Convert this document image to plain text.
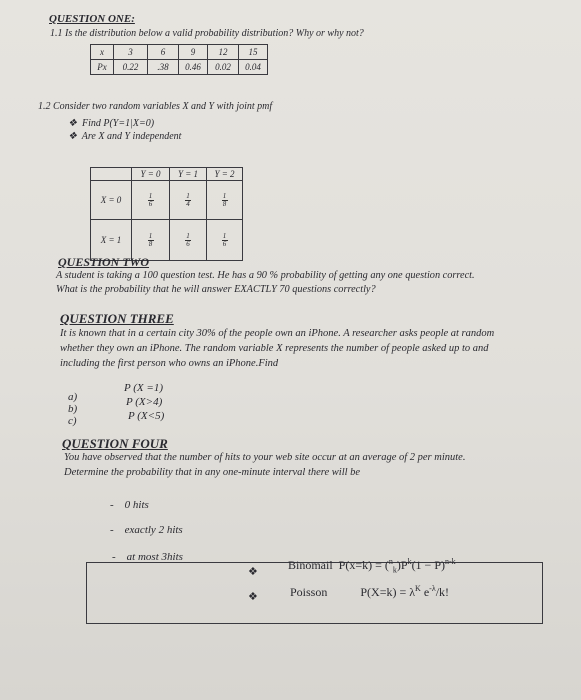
QUESTION ONE:
1.1 Is the distribution below a valid probability distribution? Why or why not?
x	3	6	9	12	15
Px	0.22	.38	0.46	0.02	0.04
1.2 Consider two random variables X and Y with joint pmf
❖ Find P(Y=1|X=0)
❖ Are X and Y independent
	Y = 0	Y = 1	Y = 2
X = 0	$\frac{1}{6}$	$\frac{1}{4}$	$\frac{1}{8}$

X = 1	$\frac{1}{8}$	$\frac{1}{6}$	$\frac{1}{6}$
QUESTION TWO
A student is taking a 100 question test. He has a 90 % probability of getting any one question correct.
What is the probability that he will answer EXACTLY 70 questions correctly?
QUESTION THREE
It is known that in a certain city 30% of the people own an iPhone. A researcher asks people at random
whether they own an iPhone. The random variable X represents the number of people asked up to and
including the first person who owns an iPhone.Find
a)
P (X =1)
b)
P (X>4)
c)	P (X<5)
QUESTION FOUR
You have observed that the number of hits to your web site occur at an average of 2 per minute.
Determine the probability that in any one-minute interval there will be
-    0 hits
-    exactly 2 hits
-    at most 3hits
❖
❖
Binomail $P(x=k) = (^n_k)P^k(1 - P)^{n-k}$
Poisson	$P(X=k) = \lambda^K$ $e^{-\lambda}/k$!
